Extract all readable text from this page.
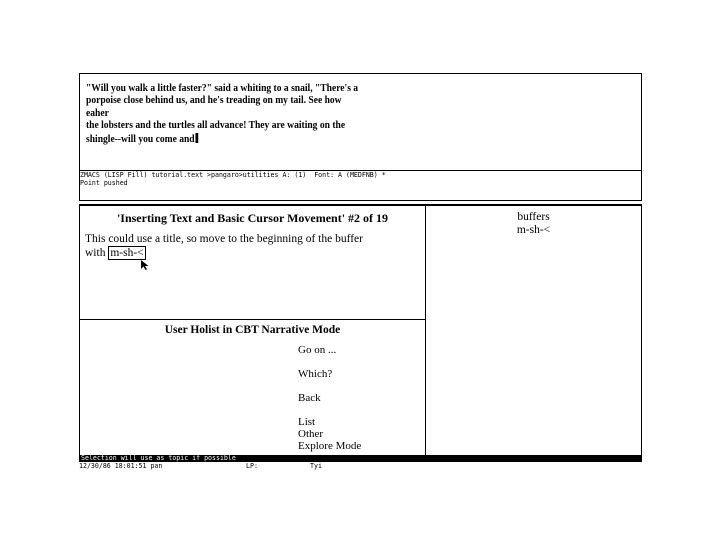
"Will you walk a little faster?" said a whiting to a snail, "There's a
porpoise close behind us, and he's treading on my tail. See how eaher
the lobsters and the turtles all advance! They are waiting on the
shingle--will you come and
ZMACS (LISP Fill) tutorial.text >pangaro>utilities A: (1)  Font: A (MEDFNB) *
Point pushed
'Inserting Text and Basic Cursor Movement' #2 of 19
This could use a title, so move to the beginning of the buffer
with m-sh-<
buffers
m-sh-<
User Holist in CBT Narrative Mode
Go on ...
Which?
Back
List
Other
Explore Mode
Selection will use as topic if possible

12/30/86 18:01:51 pan

	LP:

	Tyi
